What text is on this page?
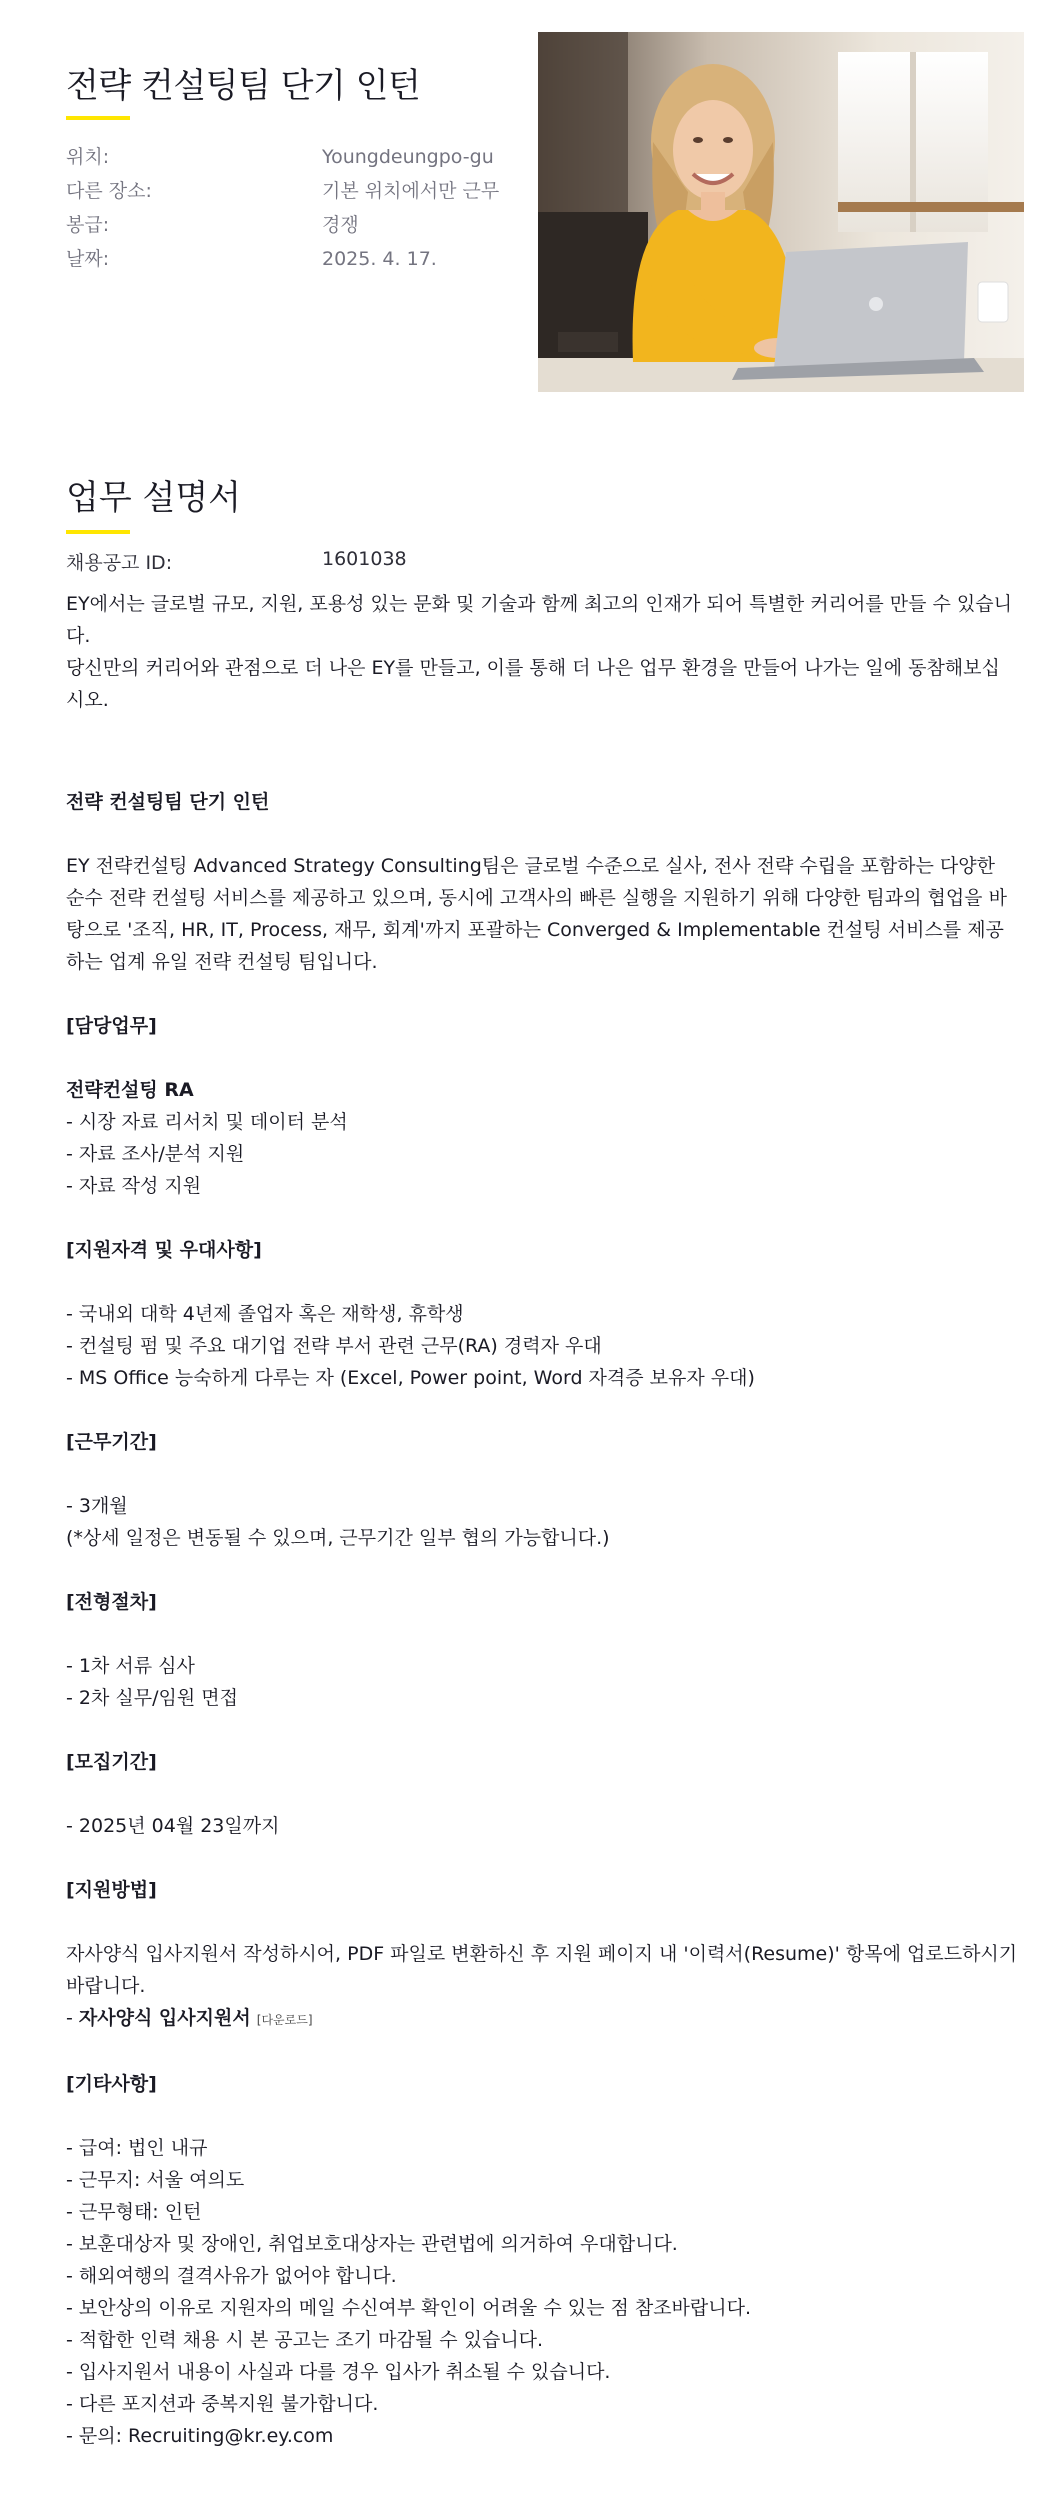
전략 컨설팅팀 단기 인턴
위치:	Youngdeungpo-gu
다른 장소:	기본 위치에서만 근무
봉급:	경쟁
날짜:	2025. 4. 17.
업무 설명서
채용공고 ID:	1601038

EY에서는 글로벌 규모, 지원, 포용성 있는 문화 및 기술과 함께 최고의 인재가 되어 특별한 커리어를 만들 수 있습니다.

당신만의 커리어와 관점으로 더 나은 EY를 만들고, 이를 통해 더 나은 업무 환경을 만들어 나가는 일에 동참해보십시오.

전략 컨설팅팀 단기 인턴

EY 전략컨설팅 Advanced Strategy Consulting팀은 글로벌 수준으로 실사, 전사 전략 수립을 포함하는 다양한 순수 전략 컨설팅 서비스를 제공하고 있으며, 동시에 고객사의 빠른 실행을 지원하기 위해 다양한 팀과의 협업을 바탕으로 '조직, HR, IT, Process, 재무, 회계'까지 포괄하는 Converged & Implementable 컨설팅 서비스를 제공하는 업계 유일 전략 컨설팅 팀입니다.

[담당업무]

전략컨설팅 RA

- 시장 자료 리서치 및 데이터 분석

- 자료 조사/분석 지원

- 자료 작성 지원

[지원자격 및 우대사항]

- 국내외 대학 4년제 졸업자 혹은 재학생, 휴학생

- 컨설팅 펌 및 주요 대기업 전략 부서 관련 근무(RA) 경력자 우대

- MS Office 능숙하게 다루는 자 (Excel, Power point, Word 자격증 보유자 우대)

[근무기간]

- 3개월

(*상세 일정은 변동될 수 있으며, 근무기간 일부 협의 가능합니다.)

[전형절차]

- 1차 서류 심사

- 2차 실무/임원 면접

[모집기간]

- 2025년 04월 23일까지

[지원방법]

자사양식 입사지원서 작성하시어, PDF 파일로 변환하신 후 지원 페이지 내 '이력서(Resume)' 항목에 업로드하시기 바랍니다.

- 자사양식 입사지원서 [다운로드]

[기타사항]

- 급여: 법인 내규

- 근무지: 서울 여의도

- 근무형태: 인턴

- 보훈대상자 및 장애인, 취업보호대상자는 관련법에 의거하여 우대합니다.

- 해외여행의 결격사유가 없어야 합니다.

- 보안상의 이유로 지원자의 메일 수신여부 확인이 어려울 수 있는 점 참조바랍니다.

- 적합한 인력 채용 시 본 공고는 조기 마감될 수 있습니다.

- 입사지원서 내용이 사실과 다를 경우 입사가 취소될 수 있습니다.

- 다른 포지션과 중복지원 불가합니다.

- 문의: Recruiting@kr.ey.com
